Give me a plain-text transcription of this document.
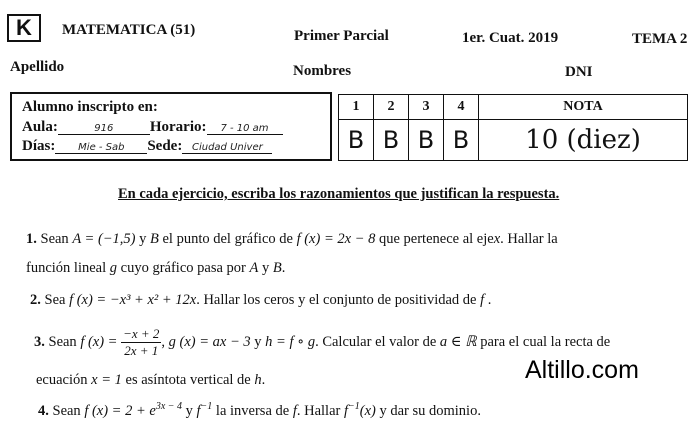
K	MATEMATICA (51)	Primer Parcial	1er. Cuat. 2019	TEMA 2
Apellido	Nombres	DNI
Alumno inscripto en:
Aula:	916 Horario: 7 - 10 am
Días: Mie - Sab Sede: Ciudad Univer
1	2	3	4	NOTA
B	B	B	B	10 (diez)
En cada ejercicio, escriba los razonamientos que justifican la respuesta.
1. Sean A = (−1,5) y B el punto del gráfico de f (x) = 2x − 8 que pertenece al ejex. Hallar la
función lineal g cuyo gráfico pasa por A y B.
2. Sea f (x) = −x³ + x² + 12x. Hallar los ceros y el conjunto de positividad de f .
3. Sean f $(x) = \frac{-x + 2}{2x + 1}$ , g (x) = ax − 3 y h = f ∘ g. Calcular el valor de a ∈ ℝ para el cual la recta de
ecuación x = 1 es asíntota vertical de h.
4. Sean f $(x) = 2 + e^{3x - 4}$ y $f^{-1}$ la inversa de f. Hallar $f^{-1}(x)$ y dar su dominio.
Altillo.com
